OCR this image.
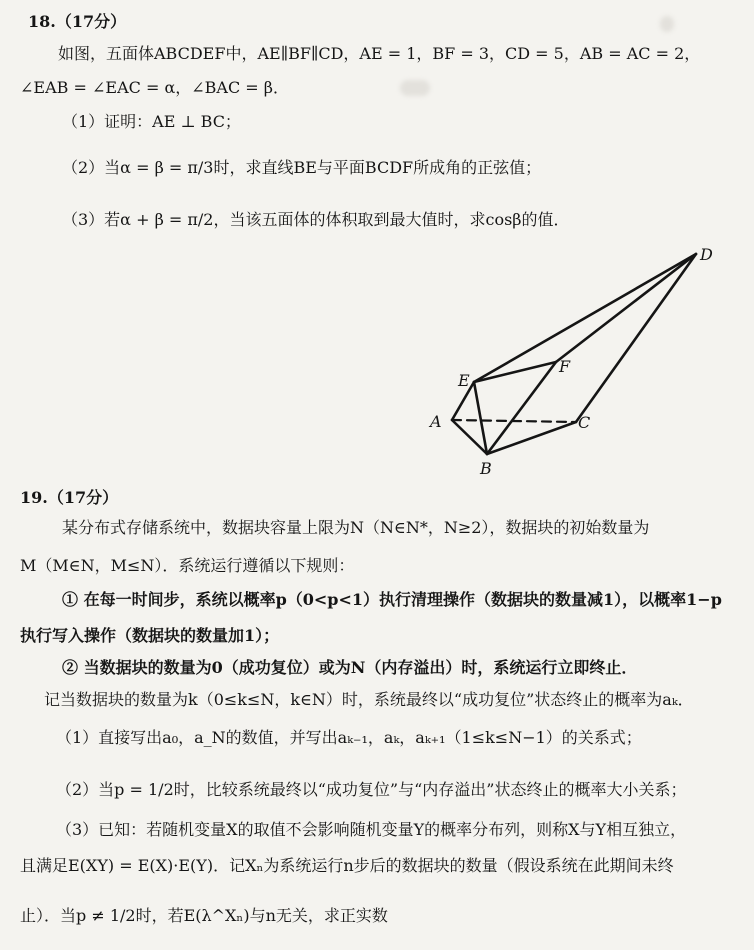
18.（17分）
如图，五面体ABCDEF中，AE∥BF∥CD，AE = 1，BF = 3，CD = 5，AB = AC = 2，
∠EAB = ∠EAC = α，∠BAC = β．
（1）证明：AE ⊥ BC；
（2）当α = β = π/3时，求直线BE与平面BCDF所成角的正弦值；
（3）若α + β = π/2，当该五面体的体积取到最大值时，求cosβ的值．
A
B
C
D
E
F
19.（17分）
某分布式存储系统中，数据块容量上限为N（N∈N*，N≥2），数据块的初始数量为
M（M∈N，M≤N）．系统运行遵循以下规则：
① 在每一时间步，系统以概率p（0<p<1）执行清理操作（数据块的数量减1），以概率1−p
执行写入操作（数据块的数量加1）；
② 当数据块的数量为0（成功复位）或为N（内存溢出）时，系统运行立即终止．
记当数据块的数量为k（0≤k≤N，k∈N）时，系统最终以“成功复位”状态终止的概率为aₖ．
（1）直接写出a₀，a_N的数值，并写出aₖ₋₁，aₖ，aₖ₊₁（1≤k≤N−1）的关系式；
（2）当p = 1/2时，比较系统最终以“成功复位”与“内存溢出”状态终止的概率大小关系；
（3）已知：若随机变量X的取值不会影响随机变量Y的概率分布列，则称X与Y相互独立，
且满足E(XY) = E(X)·E(Y)．记Xₙ为系统运行n步后的数据块的数量（假设系统在此期间未终
止）．当p ≠ 1/2时，若E(λ^Xₙ)与n无关，求正实数
